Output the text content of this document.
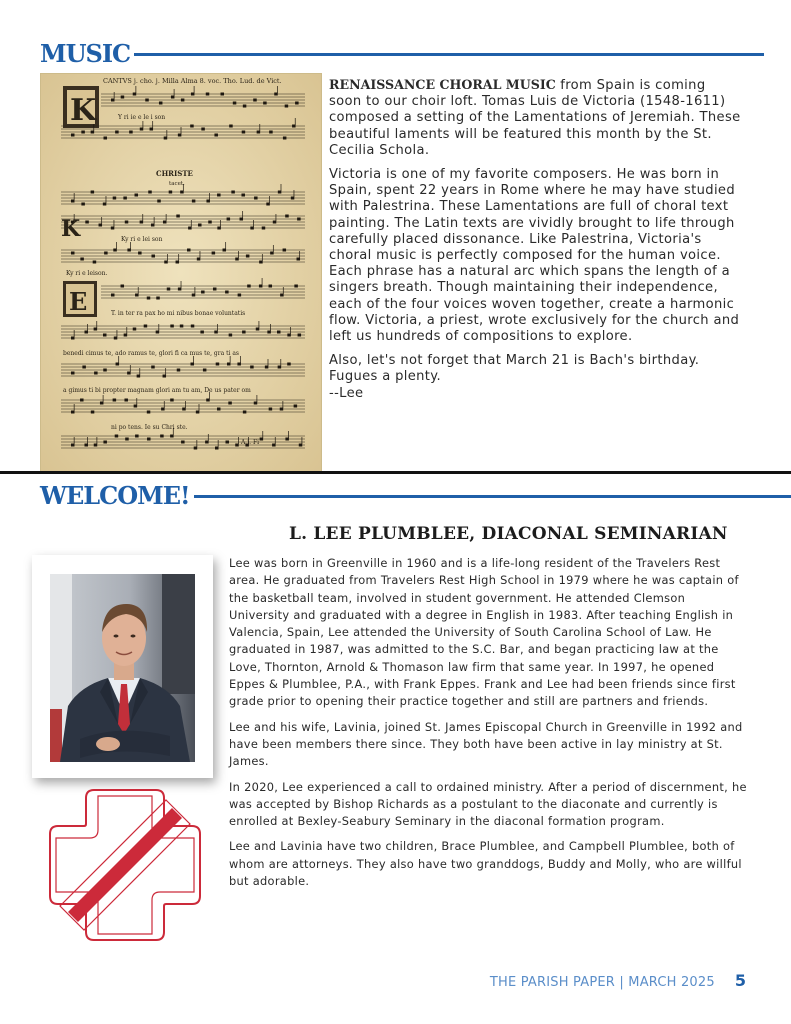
MUSIC
CANTVS j. cho. j. Milla Alma 8. voc. Tho. Lud. de Vict.
K	Y ri ie e le i son
CHRISTE
tacet.
K	Ky ri e lei son
Ky ri e leison.
E	T. in ter ra pax ho mi nibus bonae voluntatis
benedi cimus te, ado ramus te, glori fi ca mus te, gra ti as
a gimus ti bi propter magnam glori am tu am, De us pater om
ni po tens. Ie su Chri ste.
A i. Fi

RENAISSANCE CHORAL MUSIC from Spain is coming soon to our choir loft. Tomas Luis de Victoria (1548-1611) composed a setting of the Lamentations of Jeremiah. These beautiful laments will be featured this month by the St. Cecilia Schola.

Victoria is one of my favorite composers. He was born in Spain, spent 22 years in Rome where he may have studied with Palestrina. These Lamentations are full of choral text painting. The Latin texts are vividly brought to life through carefully placed dissonance. Like Palestrina, Victoria's choral music is perfectly composed for the human voice. Each phrase has a natural arc which spans the length of a singers breath. Though maintaining their independence, each of the four voices woven together, create a harmonic flow. Victoria, a priest, wrote exclusively for the church and left us hundreds of compositions to explore.

Also, let's not forget that March 21 is Bach's birthday.
Fugues a plenty.
--Lee

WELCOME!
L. LEE PLUMBLEE, DIACONAL SEMINARIAN

Lee was born in Greenville in 1960 and is a life-long resident of the Travelers Rest area. He graduated from Travelers Rest High School in 1979 where he was captain of the basketball team, involved in student government. He attended Clemson University and graduated with a degree in English in 1983. After teaching English in Valencia, Spain, Lee attended the University of South Carolina School of Law. He graduated in 1987, was admitted to the S.C. Bar, and began practicing law at the Love, Thornton, Arnold & Thomason law firm that same year. In 1997, he opened Eppes & Plumblee, P.A., with Frank Eppes. Frank and Lee had been friends since first grade prior to opening their practice together and still are partners and friends.

Lee and his wife, Lavinia, joined St. James Episcopal Church in Greenville in 1992 and have been members there since. They both have been active in lay ministry at St. James.

In 2020, Lee experienced a call to ordained ministry. After a period of discernment, he was accepted by Bishop Richards as a postulant to the diaconate and currently is enrolled at Bexley-Seabury Seminary in the diaconal formation program.

Lee and Lavinia have two children, Brace Plumblee, and Campbell Plumblee, both of whom are attorneys. They also have two granddogs, Buddy and Molly, who are willful but adorable.

THE PARISH PAPER | MARCH 2025 5
